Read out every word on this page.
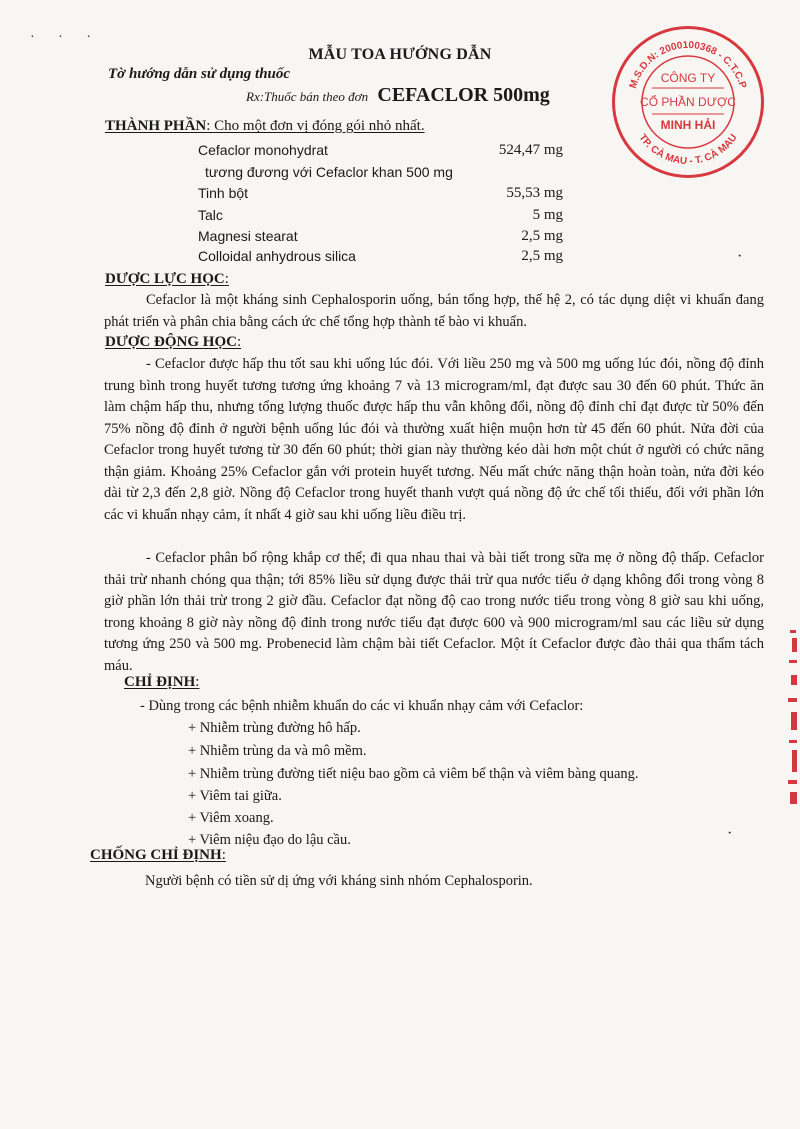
· · ·
·
·
MẪU TOA HƯỚNG DẪN
Tờ hướng dẫn sử dụng thuốc
Rx:Thuốc bán theo đơn CEFACLOR 500mg	M.S.D.N: 2000100368 - C.T.C.P
TP. CÀ MAU - T. CÀ MAU
CÔNG TY
CỔ PHẦN DƯỢC
MINH HẢI
THÀNH PHẦN: Cho một đơn vị đóng gói nhỏ nhất.
Cefaclor monohydrat	524,47 mg
tương đương với Cefaclor khan 500 mg
Tinh bột	55,53 mg
Talc	5 mg
Magnesi stearat	2,5 mg
Colloidal anhydrous silica	2,5 mg
DƯỢC LỰC HỌC:
Cefaclor là một kháng sinh Cephalosporin uống, bán tổng hợp, thế hệ 2, có tác dụng diệt vi khuẩn đang phát triển và phân chia bằng cách ức chế tổng hợp thành tế bào vi khuẩn.
DƯỢC ĐỘNG HỌC:
- Cefaclor được hấp thu tốt sau khi uống lúc đói. Với liều 250 mg và 500 mg uống lúc đói, nồng độ đỉnh trung bình trong huyết tương tương ứng khoảng 7 và 13 microgram/ml, đạt được sau 30 đến 60 phút. Thức ăn làm chậm hấp thu, nhưng tổng lượng thuốc được hấp thu vẫn không đổi, nồng độ đỉnh chỉ đạt được từ 50% đến 75% nồng độ đỉnh ở người bệnh uống lúc đói và thường xuất hiện muộn hơn từ 45 đến 60 phút. Nửa đời của Cefaclor trong huyết tương từ 30 đến 60 phút; thời gian này thường kéo dài hơn một chút ở người có chức năng thận giảm. Khoảng 25% Cefaclor gắn với protein huyết tương. Nếu mất chức năng thận hoàn toàn, nửa đời kéo dài từ 2,3 đến 2,8 giờ. Nồng độ Cefaclor trong huyết thanh vượt quá nồng độ ức chế tối thiểu, đối với phần lớn các vi khuẩn nhạy cảm, ít nhất 4 giờ sau khi uống liều điều trị.
- Cefaclor phân bố rộng khắp cơ thể; đi qua nhau thai và bài tiết trong sữa mẹ ở nồng độ thấp. Cefaclor thải trừ nhanh chóng qua thận; tới 85% liều sử dụng được thải trừ qua nước tiểu ở dạng không đổi trong vòng 8 giờ phần lớn thải trừ trong 2 giờ đầu. Cefaclor đạt nồng độ cao trong nước tiểu trong vòng 8 giờ sau khi uống, trong khoảng 8 giờ này nồng độ đỉnh trong nước tiểu đạt được 600 và 900 microgram/ml sau các liều sử dụng tương ứng 250 và 500 mg. Probenecid làm chậm bài tiết Cefaclor. Một ít Cefaclor được đào thải qua thẩm tách máu.
CHỈ ĐỊNH:
- Dùng trong các bệnh nhiễm khuẩn do các vi khuẩn nhạy cảm với Cefaclor:
+ Nhiễm trùng đường hô hấp.
+ Nhiễm trùng da và mô mềm.
+ Nhiễm trùng đường tiết niệu bao gồm cả viêm bể thận và viêm bàng quang.
+ Viêm tai giữa.
+ Viêm xoang.
+ Viêm niệu đạo do lậu cầu.
CHỐNG CHỈ ĐỊNH:
Người bệnh có tiền sử dị ứng với kháng sinh nhóm Cephalosporin.
